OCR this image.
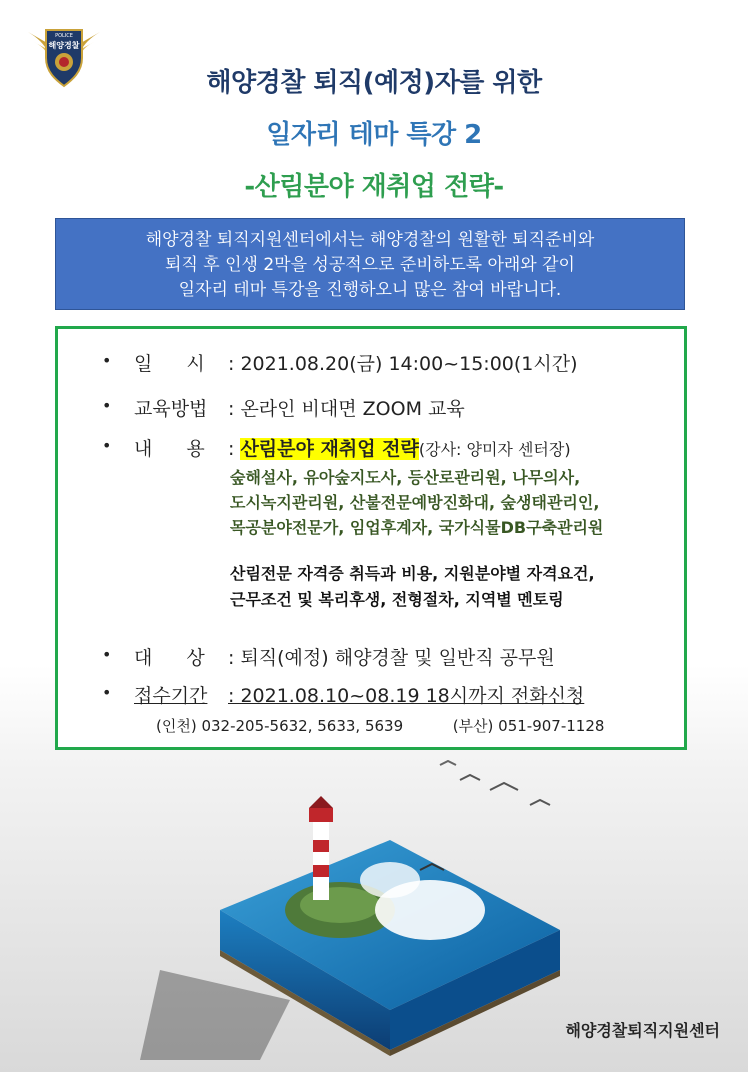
POLICE
해양경찰
해양경찰 퇴직(예정)자를 위한
일자리 테마 특강 2
-산림분야 재취업 전략-
해양경찰 퇴직지원센터에서는 해양경찰의 원활한 퇴직준비와
퇴직 후 인생 2막을 성공적으로 준비하도록 아래와 같이
일자리 테마 특강을 진행하오니 많은 참여 바랍니다.
• 일 시	: 2021.08.20(금) 14:00~15:00(1시간)
• 교육방법 : 온라인 비대면 ZOOM 교육
• 내 용	: 산림분야 재취업 전략(강사: 양미자 센터장)
숲해설사, 유아숲지도사, 등산로관리원, 나무의사,
도시녹지관리원, 산불전문예방진화대, 숲생태관리인,
목공분야전문가, 임업후계자, 국가식물DB구축관리원
산림전문 자격증 취득과 비용, 지원분야별 자격요건,
근무조건 및 복리후생, 전형절차, 지역별 멘토링
• 대 상	: 퇴직(예정) 해양경찰 및 일반직 공무원
• 접수기간 : 2021.08.10~08.19 18시까지 전화신청
(인천) 032-205-5632, 5633, 5639	(부산) 051-907-1128
해양경찰퇴직지원센터
